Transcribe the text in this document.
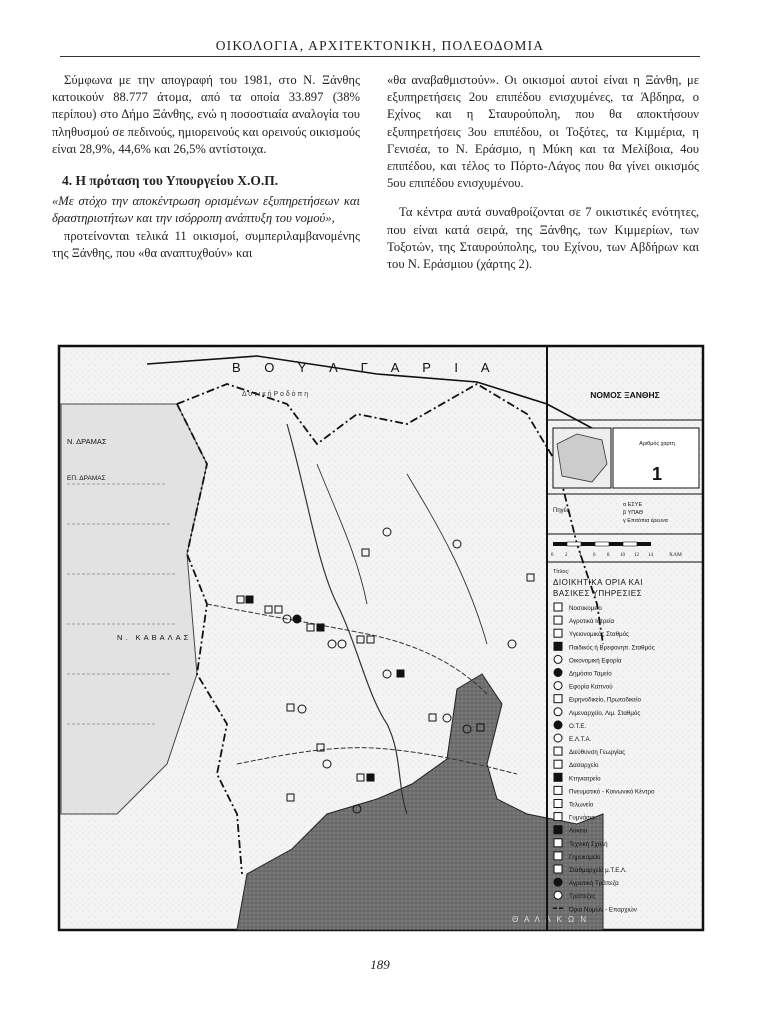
ΟΙΚΟΛΟΓΙΑ, ΑΡΧΙΤΕΚΤΟΝΙΚΗ, ΠΟΛΕΟΔΟΜΙΑ

Σύμφωνα με την απογραφή του 1981, στο Ν. Ξάνθης κατοικούν 88.777 άτομα, από τα οποία 33.897 (38% περίπου) στο Δήμο Ξάνθης, ενώ η ποσοστιαία αναλογία του πληθυσμού σε πεδινούς, ημιορεινούς και ορεινούς οικισμούς είναι 28,9%, 44,6% και 26,5% αντίστοιχα.

4. Η πρόταση του Υπουργείου Χ.Ο.Π.

«Με στόχο την αποκέντρωση ορισμένων εξυπηρετήσεων και δραστηριοτήτων και την ισόρροπη ανάπτυξη του νομού»,

προτείνονται τελικά 11 οικισμοί, συμπεριλαμβανομένης της Ξάνθης, που «θα αναπτυχθούν» και

«θα αναβαθμιστούν». Οι οικισμοί αυτοί είναι η Ξάνθη, με εξυπηρετήσεις 2ου επιπέδου ενισχυμένες, τα Άβδηρα, ο Εχίνος και η Σταυρούπολη, που θα αποκτήσουν εξυπηρετήσεις 3ου επιπέδου, οι Τοξότες, τα Κιμμέρια, η Γενισέα, το Ν. Εράσμιο, η Μύκη και τα Μελίβοια, 4ου επιπέδου, και τέλος το Πόρτο-Λάγος που θα γίνει οικισμός 5ου επιπέδου ενισχυμένου.

Τα κέντρα αυτά συναθροίζονται σε 7 οικιστικές ενότητες, που είναι κατά σειρά, της Ξάνθης, των Κιμμερίων, των Τοξοτών, της Σταυρούπολης, του Εχίνου, των Αβδήρων και του Ν. Εράσμιου (χάρτης 2).

Β Ο Υ Λ Γ Α Ρ Ι Α
Δ υ τ ι κ ή Ρ ο δ ό π η
Ν. ΔΡΑΜΑΣ
ΕΠ. ΔΡΑΜΑΣ
Ν. ΚΑΒΑΛΑΣ
Θ Α Λ Α Κ Ω Ν
ΝΟΜΟΣ ΞΑΝΘΗΣ
Αριθμός χαρτη
1
Πηγές
α ΕΣΥΕ
β ΥΠΑΘ
γ Επιτόπια έρευνα
0 2 4 6 8 10 12 14	ΧΛΜ
Τίτλος:
ΔΙΟΙΚΗΤΙΚΑ ΟΡΙΑ ΚΑΙ
ΒΑΣΙΚΕΣ ΥΠΗΡΕΣΙΕΣ
Νοσοκομείο
Αγροτικά Ιατρεία
Υγειονομικός Σταθμός
Παιδικός ή Βρεφονηπ. Σταθμός
Οικονομική Εφορία
Δημόσιο Ταμείο
Εφορία Καπνού
Ειρηνοδικείο, Πρωτοδικείο
Λιμεναρχείο, Λιμ. Σταθμός
Ο.Τ.Ε.
Ε.Λ.Τ.Α.
Διεύθυνση Γεωργίας
Δασαρχείο
Κτηνιατρείο
Πνευματικό - Κοινωνικό Κέντρο
Τελωνείο
Γυμνάσιο
Λύκειο
Τεχνική Σχολή
Γηροκομείο
Σταθμαρχείο μ.Τ.Ε.Λ.
Αγροτική Τράπεζα
Τράπεζες
Όρια Νομών - Επαρχιών
189
